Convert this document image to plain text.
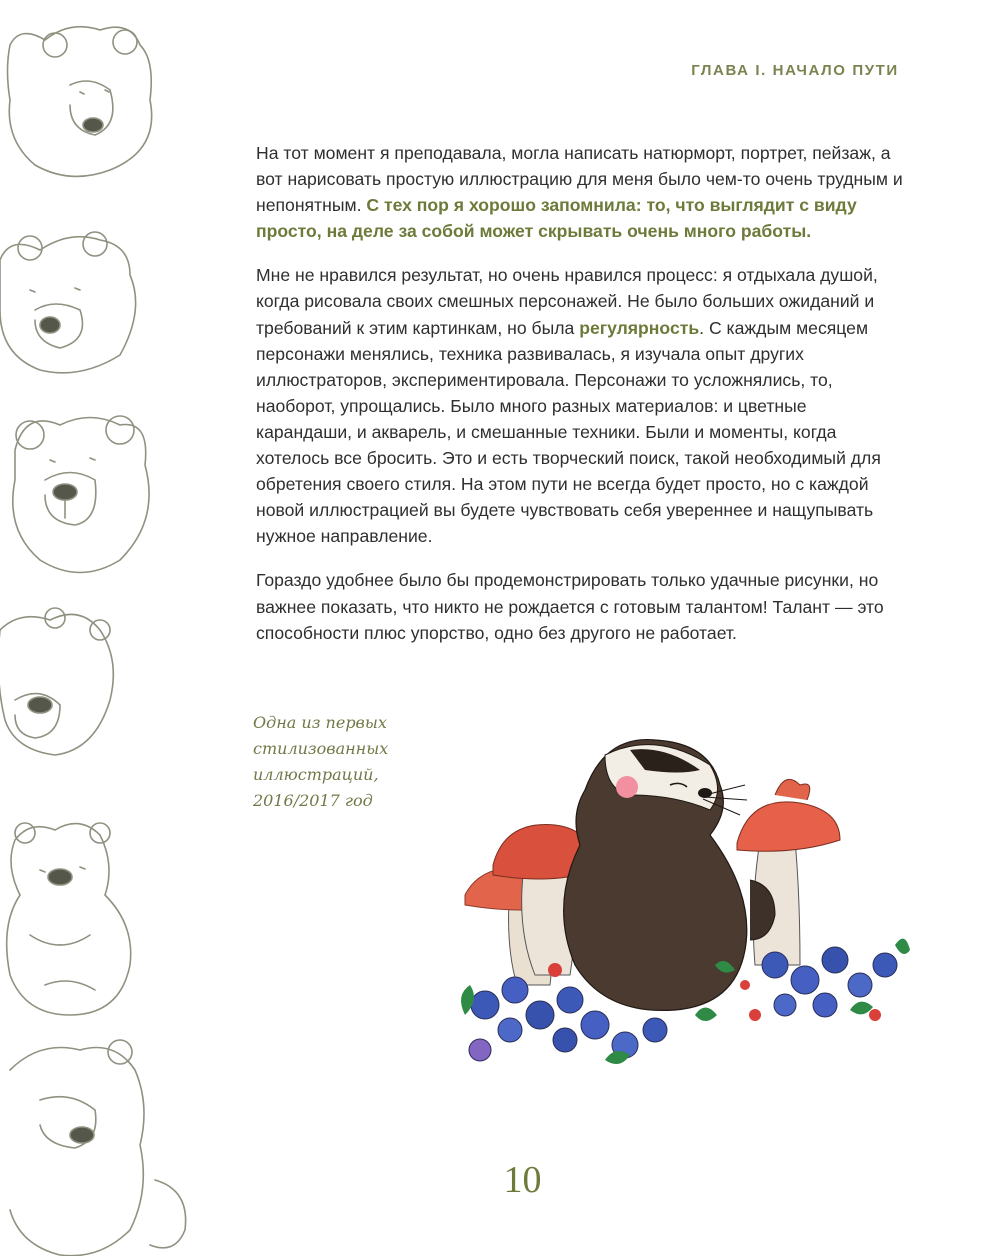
ГЛАВА I. НАЧАЛО ПУТИ

На тот момент я преподавала, могла написать натюрморт, портрет, пейзаж, а вот нарисовать простую иллюстрацию для меня было чем-то очень трудным и непонятным. С тех пор я хорошо запомнила: то, что выглядит с виду просто, на деле за собой может скрывать очень много работы.

Мне не нравился результат, но очень нравился процесс: я отдыхала душой, когда рисовала своих смешных персонажей. Не было больших ожиданий и требований к этим картинкам, но была регулярность. С каждым месяцем персонажи менялись, техника развивалась, я изучала опыт других иллюстраторов, экспериментировала. Персонажи то усложнялись, то, наоборот, упрощались. Было много разных материалов: и цветные карандаши, и акварель, и смешанные техники. Были и моменты, когда хотелось все бросить. Это и есть творческий поиск, такой необходимый для обретения своего стиля. На этом пути не всегда будет просто, но с каждой новой иллюстрацией вы будете чувствовать себя увереннее и нащупывать нужное направление.

Гораздо удобнее было бы продемонстрировать только удачные рисунки, но важнее показать, что никто не рождается с готовым талантом! Талант — это способности плюс упорство, одно без другого не работает.

Одна из первых
стилизованных
иллюстраций,
2016/2017 год
10
